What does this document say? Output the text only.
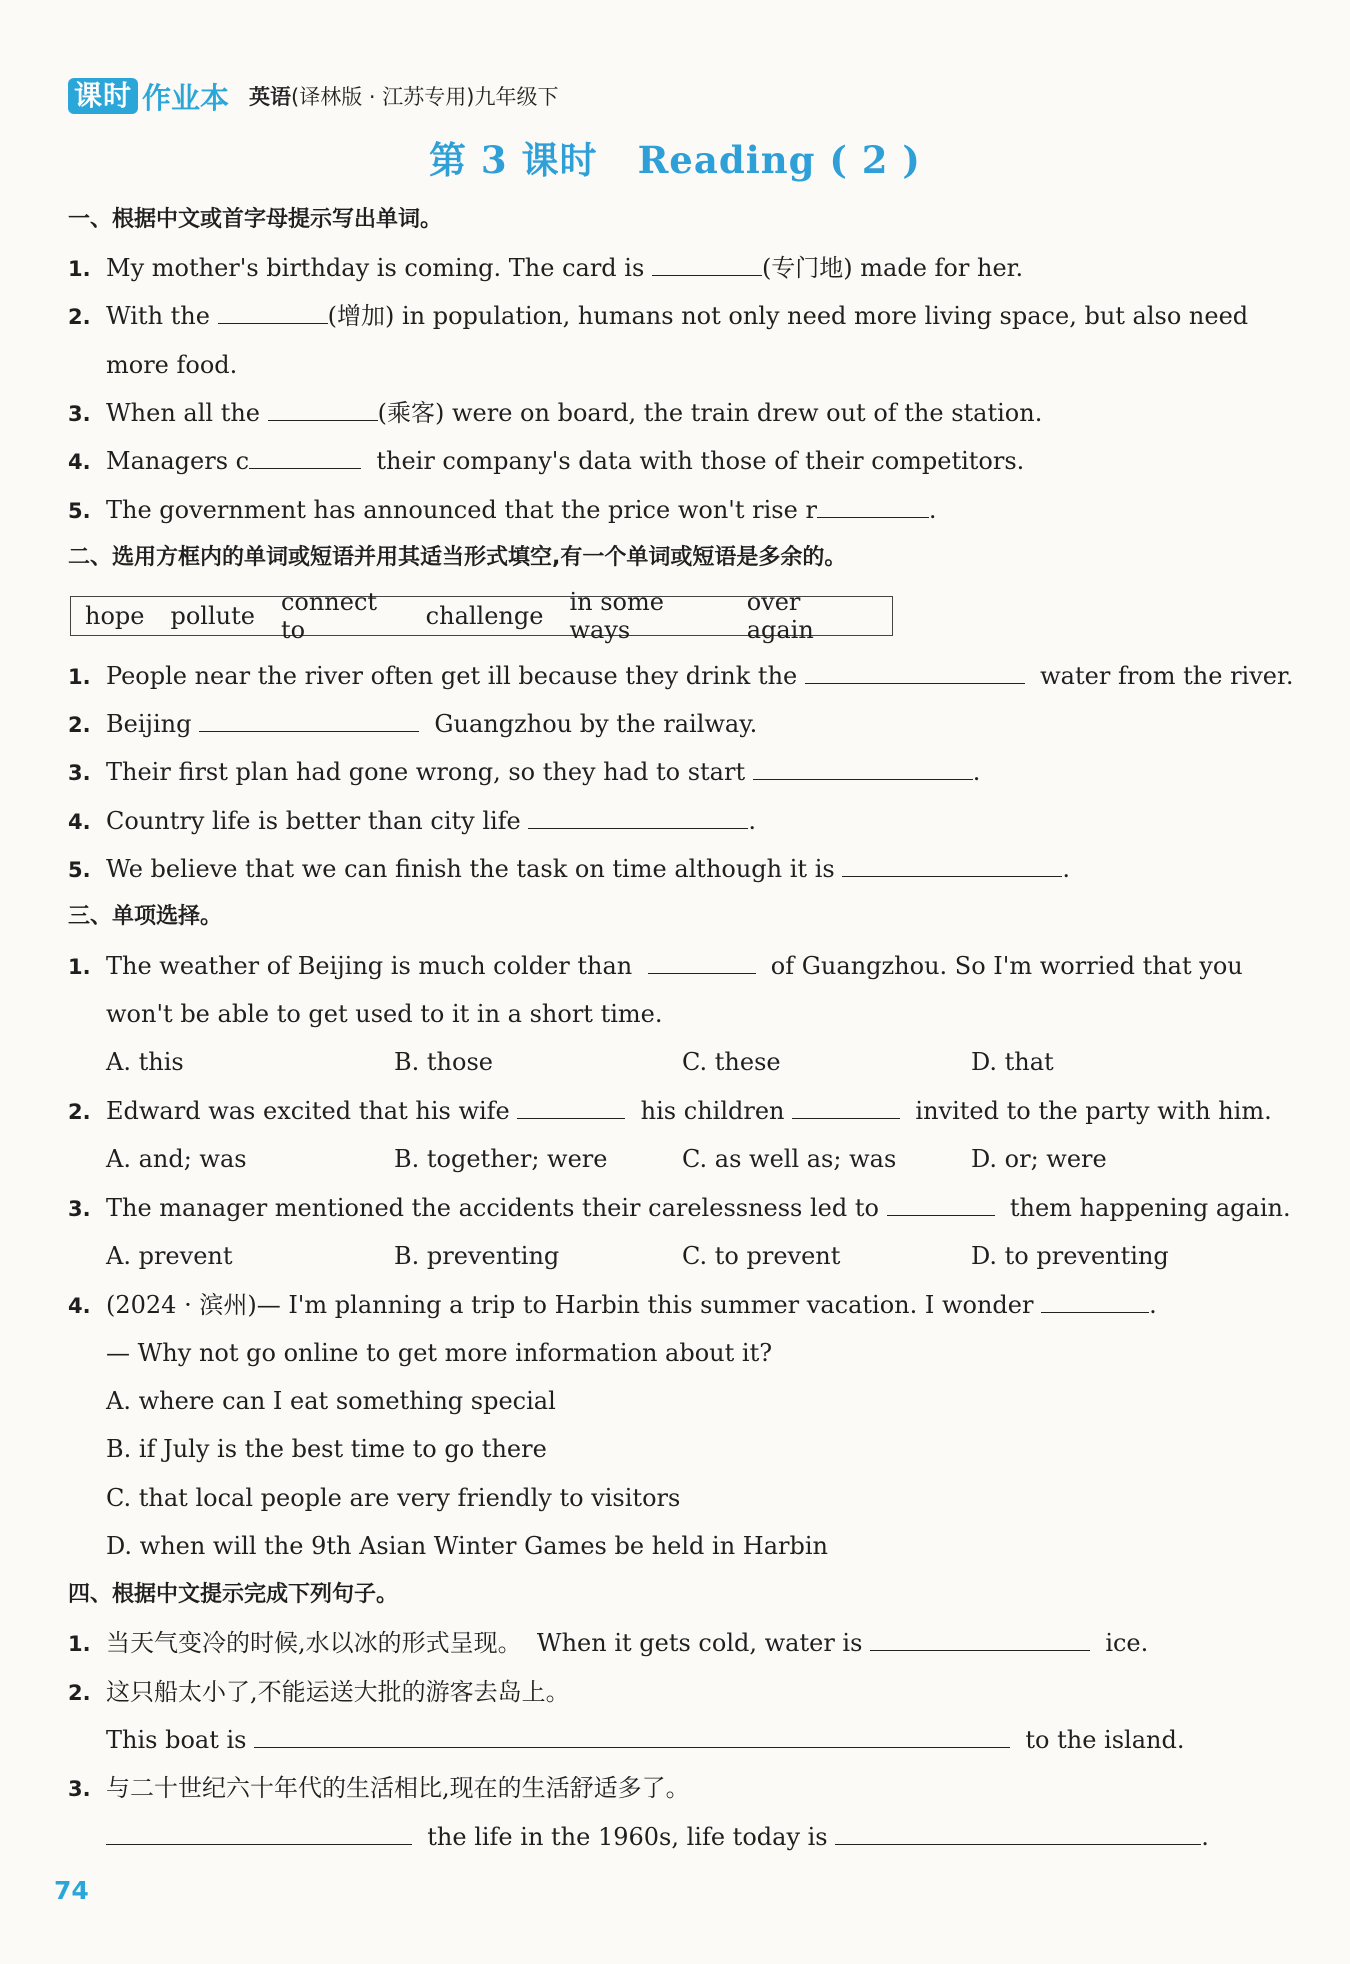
课时 作业本 英语(译林版 · 江苏专用)九年级下
第 3 课时 Reading ( 2 )
一、根据中文或首字母提示写出单词。
1. My mother's birthday is coming. The card is	(专门地) made for her.
2. With the	(增加) in population, humans not only need more living space, but also need
more food.
3. When all the	(乘客) were on board, the train drew out of the station.
4. Managers c	their company's data with those of their competitors.
5. The government has announced that the price won't rise r	.
二、选用方框内的单词或短语并用其适当形式填空,有一个单词或短语是多余的。
hope pollute connect to	challenge in some ways
over again
1. People near the river often get ill because they drink the	water from the river.
2. Beijing	Guangzhou by the railway.
3. Their first plan had gone wrong, so they had to start	.
4. Country life is better than city life	.
5. We believe that we can finish the task on time although it is	.
三、单项选择。
1. The weather of Beijing is much colder than	of Guangzhou. So I'm worried that you
won't be able to get used to it in a short time.
A. this	B. those	C. these	D. that
2. Edward was excited that his wife	his children	invited to the party with him.
A. and; was	B. together; were	C. as well as; was	D. or; were
3. The manager mentioned the accidents their carelessness led to	them happening again.
A. prevent	B. preventing	C. to prevent	D. to preventing
4. (2024 · 滨州)— I'm planning a trip to Harbin this summer vacation. I wonder	.
— Why not go online to get more information about it?
A. where can I eat something special
B. if July is the best time to go there
C. that local people are very friendly to visitors
D. when will the 9th Asian Winter Games be held in Harbin
四、根据中文提示完成下列句子。
1. 当天气变冷的时候,水以冰的形式呈现。 When it gets cold, water is	ice.
2. 这只船太小了,不能运送大批的游客去岛上。
This boat is	to the island.
3. 与二十世纪六十年代的生活相比,现在的生活舒适多了。
the life in the 1960s, life today is	.
74
